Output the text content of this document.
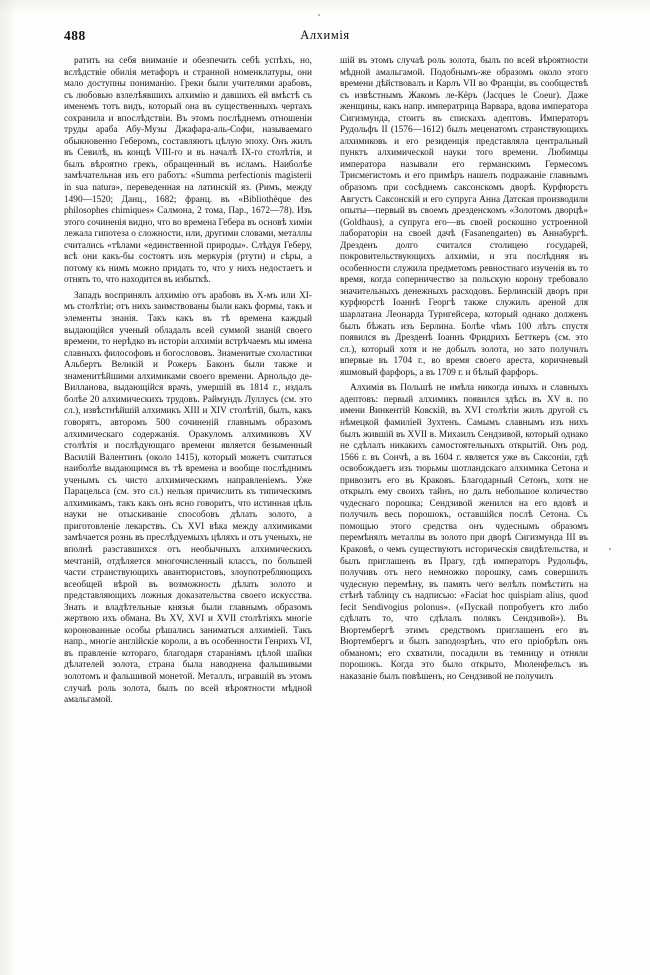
488	Алхимія

ратить на себя вниманіе и обезпечить себѣ успѣхъ, но, вслѣдствіе обилія метафоръ и странной номенклатуры, они мало доступны пониманію. Греки были учителями арабовъ, съ любовью взлелѣявшихъ алхимію и давшихъ ей вмѣстѣ съ именемъ тотъ видъ, который она въ существенныхъ чертахъ сохранила и впослѣдствіи. Въ этомъ послѣднемъ отношеніи труды араба Абу-Музы Джафара-аль-Софи, называемаго обыкновенно Геберомъ, составляютъ цѣлую эпоху. Онъ жилъ въ Севилѣ, въ концѣ VIII-го и въ началѣ IX-го столѣтія, и былъ вѣроятно грекъ, обращенный въ исламъ. Наиболѣе замѣчательная изъ его работъ: «Summa perfectionis magisterii in sua natura», переведенная на латинскій яз. (Римъ, между 1490—1520; Данц., 1682; франц. въ «Bibliothèque des philosophes chimiques» Салмона, 2 тома, Пар., 1672—78). Изъ этого сочиненія видно, что во времена Гебера въ основѣ химіи лежала гипотеза о сложности, или, другими словами, металлы считались «тѣлами «единственной природы». Слѣдуя Геберу, всѣ они какъ-бы состоятъ изъ меркурія (ртути) и сѣры, а потому къ нимъ можно придать то, что у нихъ недостаетъ и отнять то, что находится въ избыткѣ.

Западъ воспринялъ алхимію отъ арабовъ въ X-мъ или XI-мъ столѣтіи; отъ нихъ заимствованы были какъ формы, такъ и элементы знанія. Такъ какъ въ тѣ времена каждый выдающійся ученый обладалъ всей суммой знаній своего времени, то нерѣдко въ исторіи алхиміи встрѣчаемъ мы имена славныхъ философовъ и богослововъ. Знаменитые схоластики Альбертъ Великій и Рожеръ Баконъ были также и знаменитѣйшими алхимиками своего времени. Арнольдо де-Вилланова, выдающійся врачъ, умершій въ 1814 г., издалъ болѣе 20 алхимическихъ трудовъ. Раймундъ Луллусъ (см. это сл.), извѣстнѣйшій алхимикъ XIII и XIV столѣтій, былъ, какъ говорятъ, авторомъ 500 сочиненій главнымъ образомъ алхимическаго содержанія. Оракуломъ алхимиковъ XV столѣтія и послѣдующаго времени является безыменный Василій Валентинъ (около 1415), который можетъ считаться наиболѣе выдающимся въ тѣ времена и вообще послѣднимъ ученымъ съ чисто алхимическимъ направленіемъ. Уже Парацельса (см. это сл.) нельзя причислить къ типическимъ алхимикамъ, такъ какъ онъ ясно говоритъ, что истинная цѣль науки не отыскиваніе способовъ дѣлать золото, а приготовленіе лекарствъ. Съ XVI вѣка между алхимиками замѣчается рознь въ преслѣдуемыхъ цѣляхъ и отъ ученыхъ, не вполнѣ разставшихся отъ необычныхъ алхимическихъ мечтаній, отдѣляется многочисленный классъ, по большей части странствующихъ авантюристовъ, злоупотребляющихъ всеобщей вѣрой въ возможность дѣлать золото и представляющихъ ложныя доказательства своего искусства. Знать и владѣтельные князья были главнымъ образомъ жертвою ихъ обмана. Въ XV, XVI и XVII столѣтіяхъ многіе коронованные особы рѣшались заниматься алхиміей. Такъ напр., многіе англійскіе короли, а въ особенности Генрихъ VI, въ правленіе котораго, благодаря стараніямъ цѣлой шайки дѣлателей золота, страна была наводнена фальшивыми золотомъ и фальшивой монетой. Металлъ, игравшій въ этомъ случаѣ роль золота, былъ по всей вѣроятности мѣдной амальгамой.

шій въ этомъ случаѣ роль золота, былъ по всей вѣроятности мѣдной амальгамой. Подобнымъ-же образомъ около этого времени дѣйствовалъ и Карлъ VII во Франціи, въ сообществѣ съ извѣстнымъ Жакомъ ле-Кёръ (Jacques le Coeur). Даже женщины, какъ напр. императрица Варвара, вдова императора Сигизмунда, стоитъ въ спискахъ адептовъ. Императоръ Рудольфъ II (1576—1612) былъ меценатомъ странствующихъ алхимиковъ и его резиденція представляла центральный пунктъ алхимической науки того времени. Любимцы императора называли его германскимъ Гермесомъ Трисмегистомъ и его примѣръ нашелъ подражаніе главнымъ образомъ при сосѣднемъ саксонскомъ дворѣ. Курфюрстъ Августъ Саксонскій и его супруга Анна Датская производили опыты—первый въ своемъ дрезденскомъ «Золотомъ дворцѣ» (Goldhaus), а супруга его—въ своей роскошно устроенной лабораторіи на своей дачѣ (Fasanengarten) въ Аннабургѣ. Дрезденъ долго считался столицею государей, покровительствующихъ алхиміи, и эта послѣдняя въ особенности служила предметомъ ревностнаго изученія въ то время, когда соперничество за польскую корону требовало значительныхъ денежныхъ расходовъ. Берлинскій дворъ при курфюрстѣ Іоаннѣ Георгѣ также служилъ ареной для шарлатана Леонарда Турнгейсера, который однако долженъ былъ бѣжать изъ Берлина. Болѣе чѣмъ 100 лѣтъ спустя появился въ Дрезденѣ Іоаннъ Фридрихъ Бетткеръ (см. это сл.), который хотя и не добылъ золота, но зато получилъ впервые въ 1704 г., во время своего ареста, коричневый яшмовый фарфоръ, а въ 1709 г. и бѣлый фарфоръ.

Алхимія въ Польшѣ не имѣла никогда иныхъ и славныхъ адептовъ: первый алхимикъ появился здѣсь въ XV в. по имени Винкентій Ковскій, въ XVI столѣтіи жилъ другой съ нѣмецкой фамиліей Зухтенъ. Самымъ славнымъ изъ нихъ былъ жившій въ XVII в. Михаилъ Сендзивой, который однако не сдѣлалъ никакихъ самостоятельныхъ открытій. Онъ род. 1566 г. въ Сончѣ, а въ 1604 г. является уже въ Саксоніи, гдѣ освобождаетъ изъ тюрьмы шотландскаго алхимика Сетона и привозитъ его въ Краковъ. Благодарный Сетонъ, хотя не открылъ ему своихъ тайнъ, но далъ небольшое количество чудеснаго порошка; Сендзивой женился на его вдовѣ и получилъ весь порошокъ, оставшійся послѣ Сетона. Съ помощью этого средства онъ чудеснымъ образомъ перемѣнялъ металлы въ золото при дворѣ Сигизмунда III въ Краковѣ, о чемъ существуютъ историческія свидѣтельства, и былъ приглашенъ въ Прагу, гдѣ императоръ Рудольфъ, получивъ отъ него немножко порошку, самъ совершилъ чудесную перемѣну, въ память чего велѣлъ помѣстить на стѣнѣ таблицу съ надписью: «Faciat hoc quispiam alius, quod fecit Sendivogius polonus». («Пускай попробуетъ кто либо сдѣлать то, что сдѣлалъ полякъ Сендзивой»). Въ Вюртембергѣ этимъ средствомъ приглашенъ его въ Вюртембергъ и былъ заподозрѣнъ, что его пріобрѣлъ онъ обманомъ; его схватили, посадили въ темницу и отняли порошокъ. Когда это было открыто, Мюленфельсъ въ наказаніе былъ повѣшенъ, но Сендзивой не получилъ
